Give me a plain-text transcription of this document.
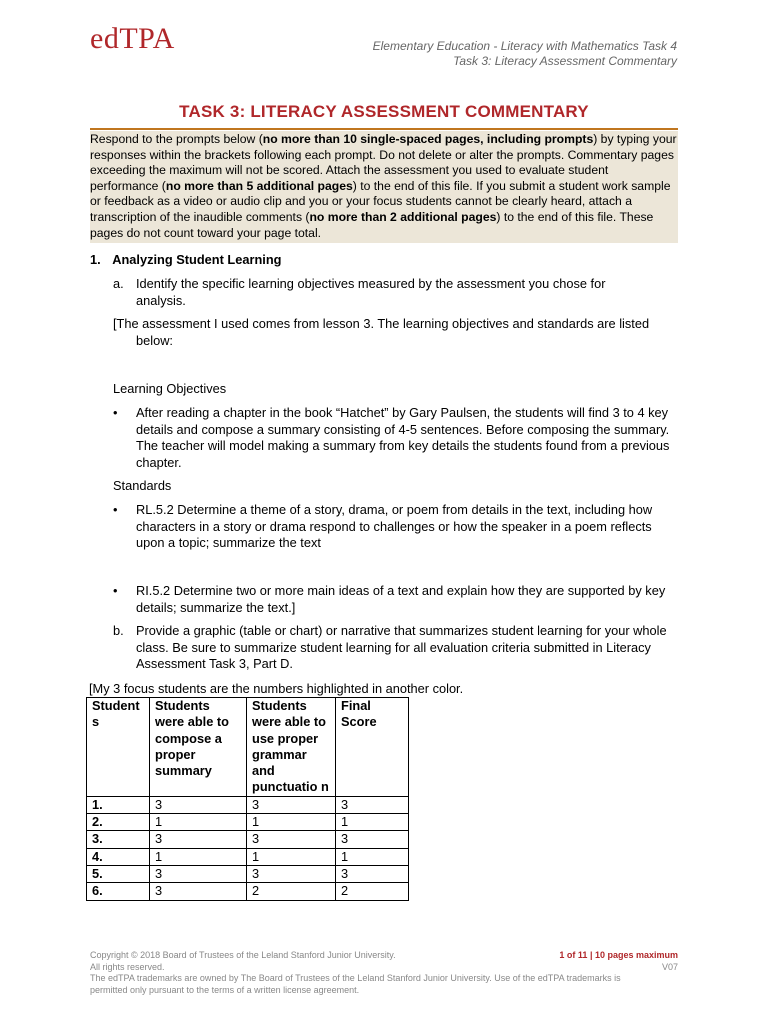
edTPA	Elementary Education - Literacy with Mathematics Task 4
Task 3: Literacy Assessment Commentary
TASK 3: LITERACY ASSESSMENT COMMENTARY
Respond to the prompts below (no more than 10 single-spaced pages, including prompts) by typing your responses within the brackets following each prompt. Do not delete or alter the prompts. Commentary pages exceeding the maximum will not be scored. Attach the assessment you used to evaluate student performance (no more than 5 additional pages) to the end of this file. If you submit a student work sample or feedback as a video or audio clip and you or your focus students cannot be clearly heard, attach a transcription of the inaudible comments (no more than 2 additional pages) to the end of this file. These pages do not count toward your page total.
1. Analyzing Student Learning
a. Identify the specific learning objectives measured by the assessment you chose for analysis.
[The assessment I used comes from lesson 3. The learning objectives and standards are listed below:
Learning Objectives
• After reading a chapter in the book “Hatchet” by Gary Paulsen, the students will find 3 to 4 key details and compose a summary consisting of 4-5 sentences. Before composing the summary. The teacher will model making a summary from key details the students found from a previous chapter.
Standards
• RL.5.2 Determine a theme of a story, drama, or poem from details in the text, including how characters in a story or drama respond to challenges or how the speaker in a poem reflects upon a topic; summarize the text
• RI.5.2 Determine two or more main ideas of a text and explain how they are supported by key details; summarize the text.]
b. Provide a graphic (table or chart) or narrative that summarizes student learning for your whole class. Be sure to summarize student learning for all evaluation criteria submitted in Literacy Assessment Task 3, Part D.
[My 3 focus students are the numbers highlighted in another color.
Student s	Students were able to compose a proper summary	Students were able to use proper grammar and punctuatio n	Final Score
1.	3	3	3
2.	1	1	1
3.	3	3	3
4.	1	1	1
5.	3	3	3
6.	3	2	2
Copyright © 2018 Board of Trustees of the Leland Stanford Junior University.
All rights reserved.
The edTPA trademarks are owned by The Board of Trustees of the Leland Stanford Junior University. Use of the edTPA trademarks is permitted only pursuant to the terms of a written license agreement.
1 of 11 | 10 pages maximum
V07
